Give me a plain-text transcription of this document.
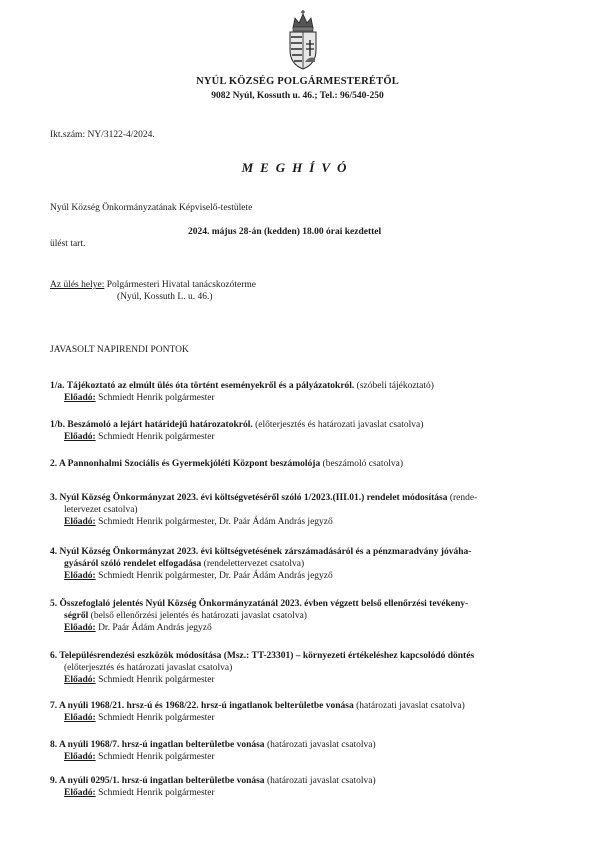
NYÚL KÖZSÉG POLGÁRMESTERÉTŐL
9082 Nyúl, Kossuth u. 46.; Tel.: 96/540-250
Ikt.szám: NY/3122-4/2024.
MEGHÍVÓ
Nyúl Község Önkormányzatának Képviselő-testülete
2024. május 28-án (kedden) 18.00 órai kezdettel
ülést tart.
Az ülés helye: Polgármesteri Hivatal tanácskozóterme
(Nyúl, Kossuth L. u. 46.)
JAVASOLT NAPIRENDI PONTOK
1/a. Tájékoztató az elmúlt ülés óta történt eseményekről és a pályázatokról. (szóbeli tájékoztató)
Előadó: Schmiedt Henrik polgármester
1/b. Beszámoló a lejárt határidejű határozatokról. (előterjesztés és határozati javaslat csatolva)
Előadó: Schmiedt Henrik polgármester
2. A Pannonhalmi Szociális és Gyermekjóléti Központ beszámolója (beszámoló csatolva)
3. Nyúl Község Önkormányzat 2023. évi költségvetéséről szóló 1/2023.(III.01.) rendelet módosítása (rende-
letervezet csatolva)
Előadó: Schmiedt Henrik polgármester, Dr. Paár Ádám András jegyző
4. Nyúl Község Önkormányzat 2023. évi költségvetésének zárszámadásáról és a pénzmaradvány jóváha-
gyásáról szóló rendelet elfogadása (rendelettervezet csatolva)
Előadó: Schmiedt Henrik polgármester, Dr. Paár Ádám András jegyző
5. Összefoglaló jelentés Nyúl Község Önkormányzatánál 2023. évben végzett belső ellenőrzési tevékeny-
ségről (belső ellenőrzési jelentés és határozati javaslat csatolva)
Előadó: Dr. Paár Ádám András jegyző
6. Településrendezési eszközök módosítása (Msz.: TT-23301) – környezeti értékeléshez kapcsolódó döntés
(előterjesztés és határozati javaslat csatolva)
Előadó: Schmiedt Henrik polgármester
7. A nyúli 1968/21. hrsz-ú és 1968/22. hrsz-ú ingatlanok belterületbe vonása (határozati javaslat csatolva)
Előadó: Schmiedt Henrik polgármester
8. A nyúli 1968/7. hrsz-ú ingatlan belterületbe vonása (határozati javaslat csatolva)
Előadó: Schmiedt Henrik polgármester
9. A nyúli 0295/1. hrsz-ú ingatlan belterületbe vonása (határozati javaslat csatolva)
Előadó: Schmiedt Henrik polgármester
